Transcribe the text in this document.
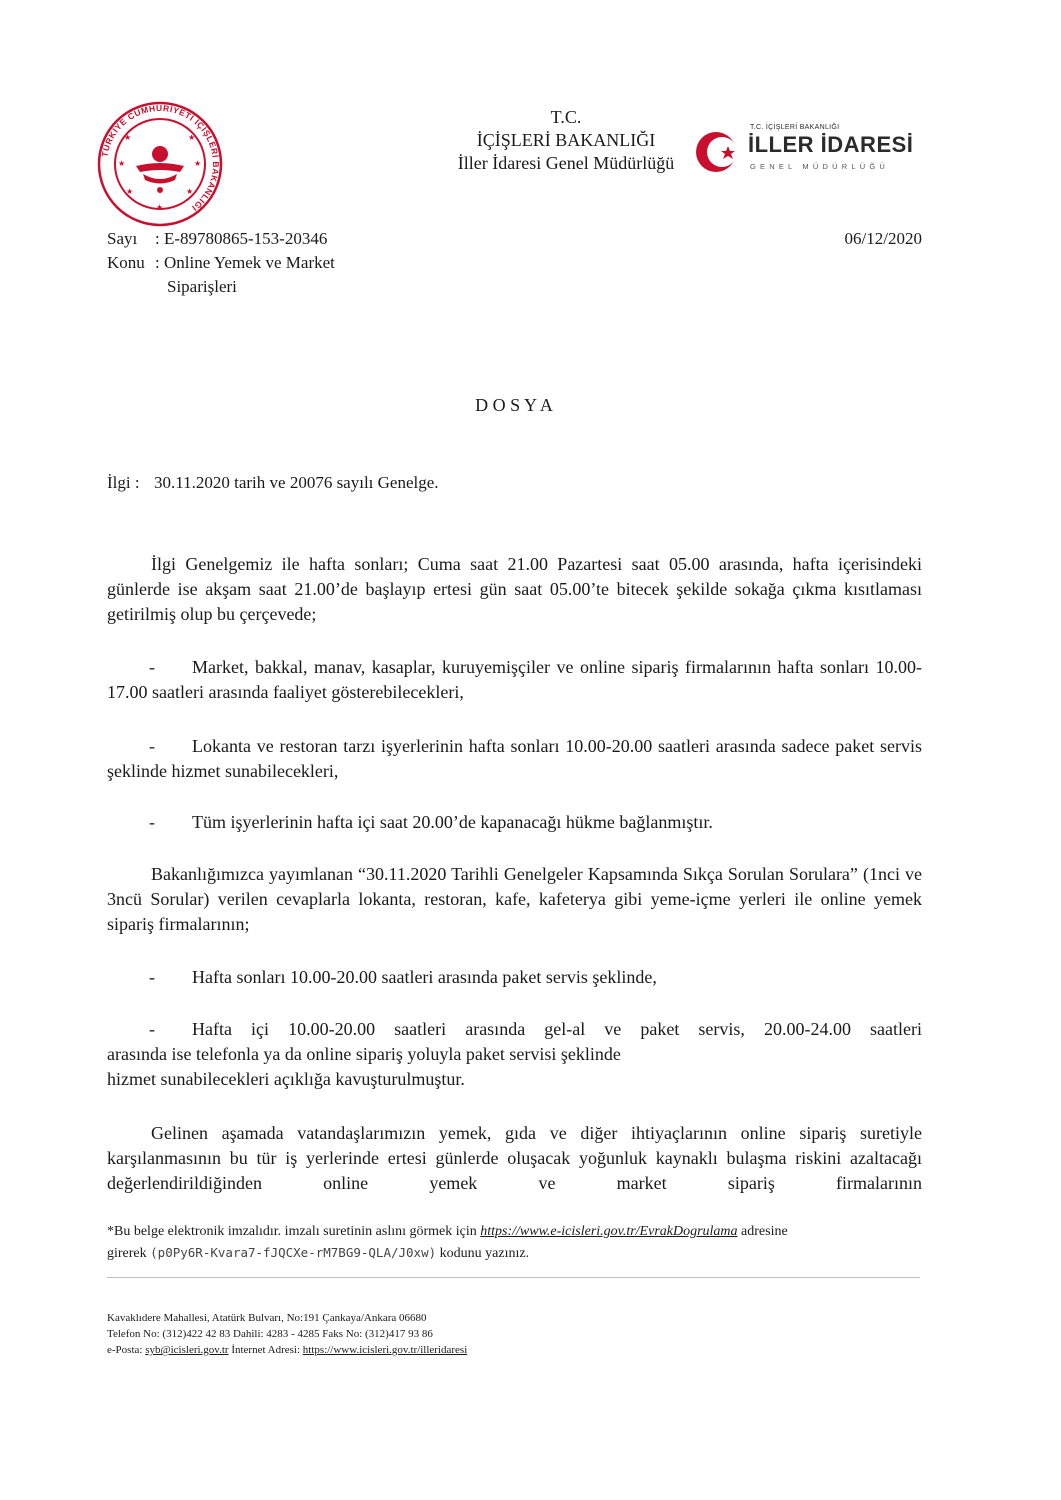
TÜRKİYE CUMHURİYETİ İÇİŞLERİ BAKANLIĞI
★	★
★	★
★	★
★
T.C.
İÇİŞLERİ BAKANLIĞI
İller İdaresi Genel Müdürlüğü
T.C. İÇİŞLERİ BAKANLIĞI
İLLER İDARESİ
GENEL MÜDÜRLÜĞÜ
Sayı : E-89780865-153-20346
Konu : Online Yemek ve Market
Siparişleri
06/12/2020
D O S Y A
İlgi : 30.11.2020 tarih ve 20076 sayılı Genelge.
İlgi Genelgemiz ile hafta sonları; Cuma saat 21.00 Pazartesi saat 05.00 arasında, hafta içerisindeki günlerde ise akşam saat 21.00’de başlayıp ertesi gün saat 05.00’te bitecek şekilde sokağa çıkma kısıtlaması getirilmiş olup bu çerçevede;
- Market, bakkal, manav, kasaplar, kuruyemişçiler ve online sipariş firmalarının hafta sonları 10.00-17.00 saatleri arasında faaliyet gösterebilecekleri,
- Lokanta ve restoran tarzı işyerlerinin hafta sonları 10.00-20.00 saatleri arasında sadece paket servis şeklinde hizmet sunabilecekleri,
- Tüm işyerlerinin hafta içi saat 20.00’de kapanacağı hükme bağlanmıştır.
Bakanlığımızca yayımlanan “30.11.2020 Tarihli Genelgeler Kapsamında Sıkça Sorulan Sorulara” (1nci ve 3ncü Sorular) verilen cevaplarla lokanta, restoran, kafe, kafeterya gibi yeme-içme yerleri ile online yemek sipariş firmalarının;
- Hafta sonları 10.00-20.00 saatleri arasında paket servis şeklinde,
- Hafta içi 10.00-20.00 saatleri arasında gel-al ve paket servis, 20.00-24.00 saatleri
arasında ise telefonla ya da online sipariş yoluyla paket servisi şeklinde
hizmet sunabilecekleri açıklığa kavuşturulmuştur.
Gelinen aşamada vatandaşlarımızın yemek, gıda ve diğer ihtiyaçlarının online sipariş suretiyle karşılanmasının bu tür iş yerlerinde ertesi günlerde oluşacak yoğunluk kaynaklı bulaşma riskini azaltacağı değerlendirildiğinden online yemek ve market sipariş firmalarının
*Bu belge elektronik imzalıdır. imzalı suretinin aslını görmek için https://www.e-icisleri.gov.tr/EvrakDogrulama adresine
girerek (p0Py6R-Kvara7-fJQCXe-rM7BG9-QLA/J0xw) kodunu yazınız.
Kavaklıdere Mahallesi, Atatürk Bulvarı, No:191 Çankaya/Ankara 06680
Telefon No: (312)422 42 83 Dahili: 4283 - 4285 Faks No: (312)417 93 86
e-Posta: syb@icisleri.gov.tr İnternet Adresi: https://www.icisleri.gov.tr/illeridaresi
